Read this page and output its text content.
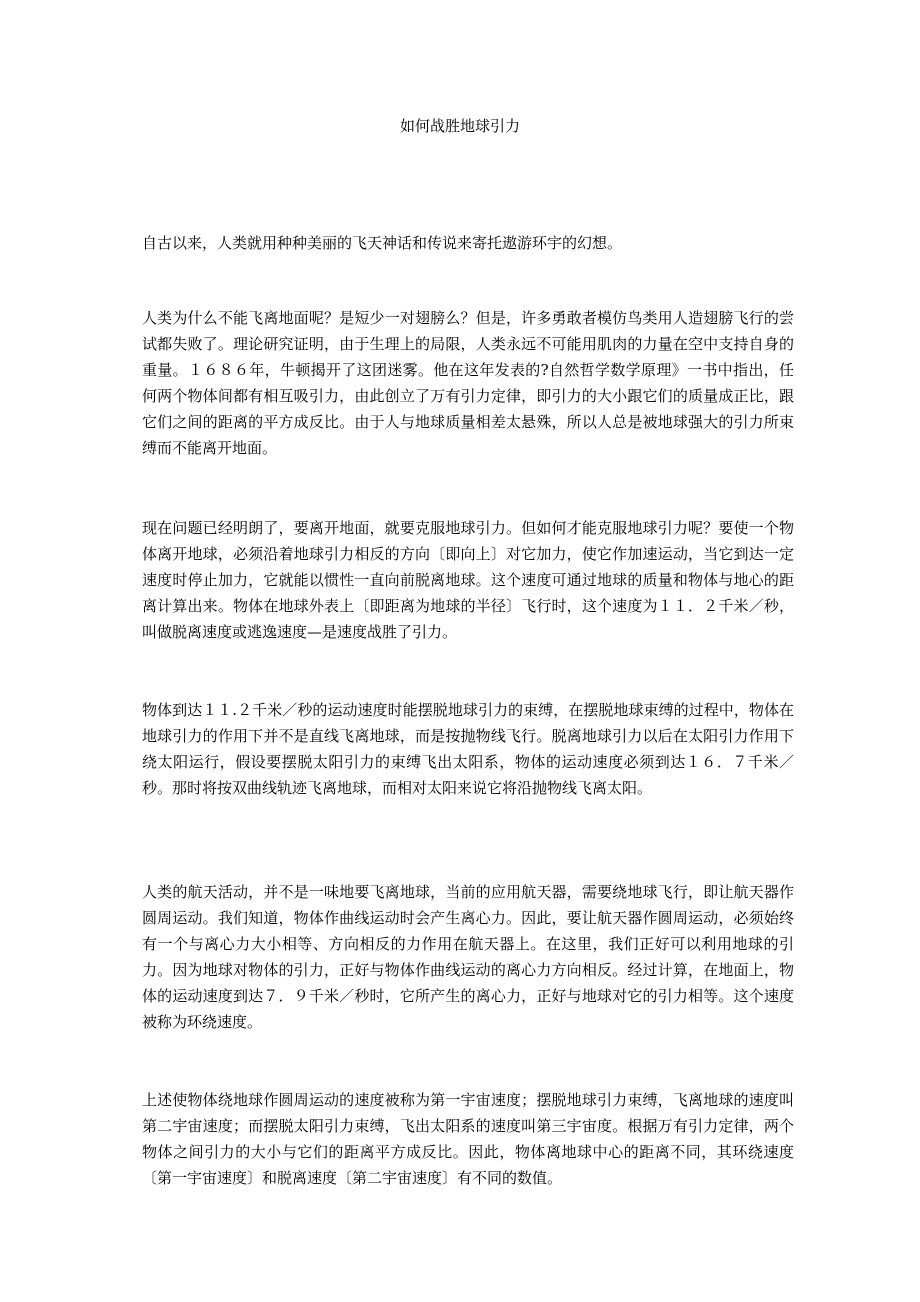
如何战胜地球引力
自古以来，人类就用种种美丽的飞天神话和传说来寄托遨游环宇的幻想。
人类为什么不能飞离地面呢？是短少一对翅膀么？但是，许多勇敢者模仿鸟类用人造翅膀飞行的尝试都失败了。理论研究证明，由于生理上的局限，人类永远不可能用肌肉的力量在空中支持自身的重量。１６８６年，牛顿揭开了这团迷雾。他在这年发表的?自然哲学数学原理》一书中指出，任何两个物体间都有相互吸引力，由此创立了万有引力定律，即引力的大小跟它们的质量成正比，跟它们之间的距离的平方成反比。由于人与地球质量相差太悬殊，所以人总是被地球强大的引力所束缚而不能离开地面。
现在问题已经明朗了，要离开地面，就要克服地球引力。但如何才能克服地球引力呢？要使一个物体离开地球，必须沿着地球引力相反的方向〔即向上〕对它加力，使它作加速运动，当它到达一定速度时停止加力，它就能以惯性一直向前脱离地球。这个速度可通过地球的质量和物体与地心的距离计算出来。物体在地球外表上〔即距离为地球的半径〕飞行时，这个速度为１１．２千米／秒，叫做脱离速度或逃逸速度—是速度战胜了引力。
物体到达１１.２千米／秒的运动速度时能摆脱地球引力的束缚，在摆脱地球束缚的过程中，物体在地球引力的作用下并不是直线飞离地球，而是按抛物线飞行。脱离地球引力以后在太阳引力作用下绕太阳运行，假设要摆脱太阳引力的束缚飞出太阳系，物体的运动速度必须到达１６．７千米／秒。那时将按双曲线轨迹飞离地球，而相对太阳来说它将沿抛物线飞离太阳。
人类的航天活动，并不是一味地要飞离地球，当前的应用航天器，需要绕地球飞行，即让航天器作圆周运动。我们知道，物体作曲线运动时会产生离心力。因此，要让航天器作圆周运动，必须始终有一个与离心力大小相等、方向相反的力作用在航天器上。在这里，我们正好可以利用地球的引力。因为地球对物体的引力，正好与物体作曲线运动的离心力方向相反。经过计算，在地面上，物体的运动速度到达７．９千米／秒时，它所产生的离心力，正好与地球对它的引力相等。这个速度被称为环绕速度。
上述使物体绕地球作圆周运动的速度被称为第一宇宙速度；摆脱地球引力束缚，飞离地球的速度叫第二宇宙速度；而摆脱太阳引力束缚，飞出太阳系的速度叫第三宇宙度。根据万有引力定律，两个物体之间引力的大小与它们的距离平方成反比。因此，物体离地球中心的距离不同，其环绕速度〔第一宇宙速度〕和脱离速度〔第二宇宙速度〕有不同的数值。
